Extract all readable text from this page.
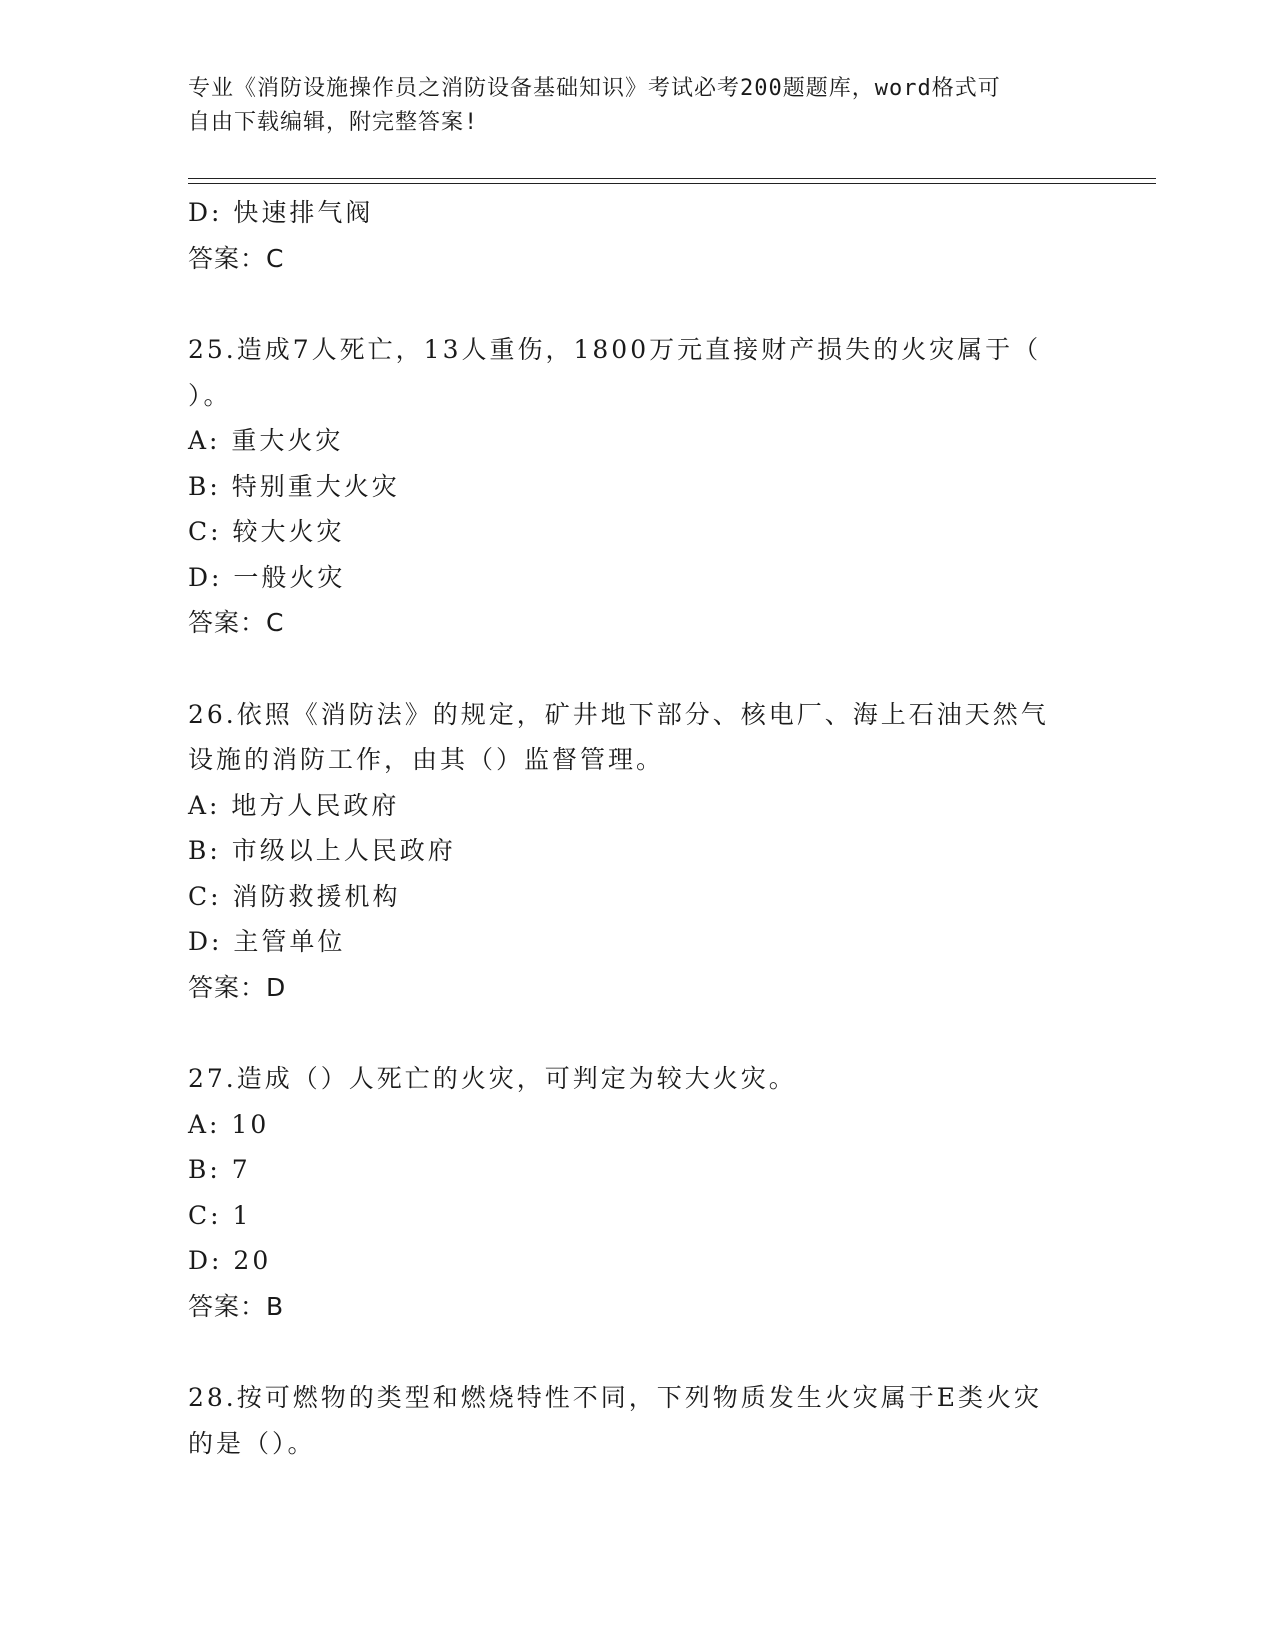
专业《消防设施操作员之消防设备基础知识》考试必考200题题库，word格式可
自由下载编辑，附完整答案!
D: 快速排气阀
答案：C
25.造成7人死亡，13人重伤，1800万元直接财产损失的火灾属于（
）。
A: 重大火灾
B: 特别重大火灾
C: 较大火灾
D: 一般火灾
答案：C
26.依照《消防法》的规定，矿井地下部分、核电厂、海上石油天然气
设施的消防工作，由其（）监督管理。
A: 地方人民政府
B: 市级以上人民政府
C: 消防救援机构
D: 主管单位
答案：D
27.造成（）人死亡的火灾，可判定为较大火灾。
A: 10
B: 7
C: 1
D: 20
答案：B
28.按可燃物的类型和燃烧特性不同，下列物质发生火灾属于E类火灾
的是（）。
